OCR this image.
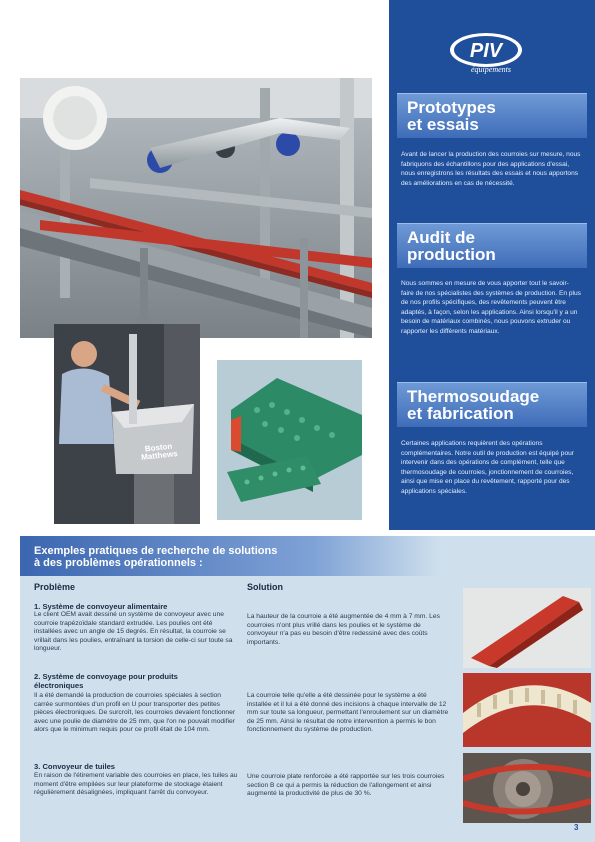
Boston Matthews
Prototypes
et essais
Avant de lancer la production des courroies sur mesure, nous fabriquons des échantillons pour des applications d'essai, nous enregistrons les résultats des essais et nous apportons des améliorations en cas de nécessité.
Audit de
production
Nous sommes en mesure de vous apporter tout le savoir-faire de nos spécialistes des systèmes de production. En plus de nos profils spécifiques, des revêtements peuvent être adaptés, à façon, selon les applications. Ainsi lorsqu'il y a un besoin de matériaux combinés, nous pouvons extruder ou rapporter les différents matériaux.
Thermosoudage
et fabrication
Certaines applications requièrent des opérations complémentaires. Notre outil de production est équipé pour intervenir dans des opérations de complément, telle que thermosoudage de courroies, jonctionnement de courroies, ainsi que mise en place du revêtement, rapporté pour des applications spéciales.
PIV
équipements
Exemples pratiques de recherche de solutions
à des problèmes opérationnels :
Problème	Solution
1. Système de convoyeur alimentaire
Le client OEM avait dessiné un système de convoyeur avec une courroie trapézoïdale standard extrudée. Les poulies ont été installées avec un angle de 15 degrés. En résultat, la courroie se vrillait dans les poulies, entraînant la torsion de celle-ci sur toute sa longueur.
La hauteur de la courroie a été augmentée de 4 mm à 7 mm. Les courroies n'ont plus vrillé dans les poulies et le système de convoyeur n'a pas eu besoin d'être redessiné avec des coûts importants.
2. Système de convoyage pour produits électroniques
Il a été demandé la production de courroies spéciales à section carrée surmontées d'un profil en U pour transporter des petites pièces électroniques. De surcroît, les courroies devaient fonctionner avec une poulie de diamètre de 25 mm, que l'on ne pouvait modifier alors que le minimum requis pour ce profil était de 104 mm.
La courroie telle qu'elle a été dessinée pour le système a été installée et il lui a été donné des incisions à chaque intervalle de 12 mm sur toute sa longueur, permettant l'enroulement sur un diamètre de 25 mm. Ainsi le résultat de notre intervention a permis le bon fonctionnement du système de production.
3. Convoyeur de tuiles
En raison de l'étirement variable des courroies en place, les tuiles au moment d'être empilées sur leur plateforme de stockage étaient régulièrement désalignées, impliquant l'arrêt du convoyeur.
Une courroie plate renforcée a été rapportée sur les trois courroies section B ce qui a permis la réduction de l'allongement et ainsi augmenté la productivité de plus de 30 %.
3
